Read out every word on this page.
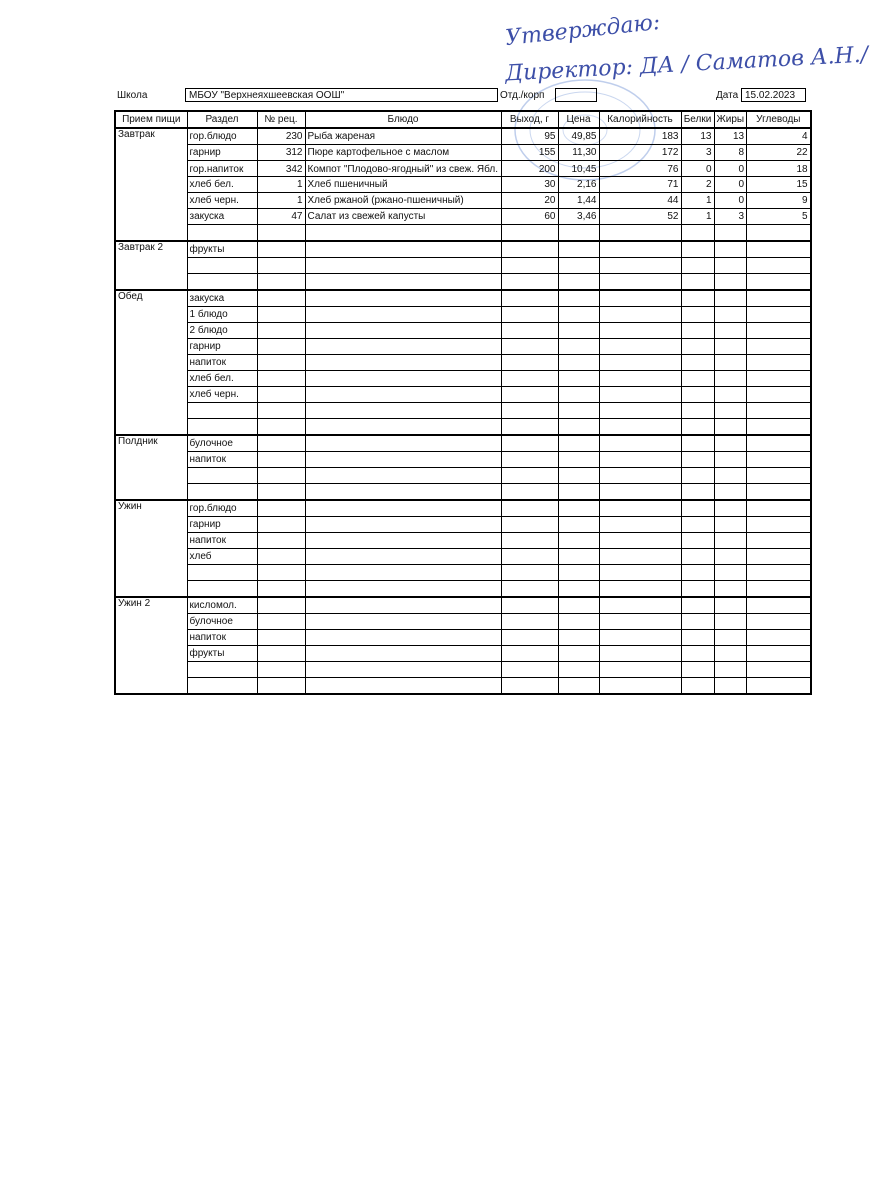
Утверждаю:
Директор: ДА / Саматов А.Н./
Школа	МБОУ "Верхнеяхшеевская ООШ"	Отд./корп	Дата 15.02.2023
Прием пищи	Раздел	№ рец.	Блюдо	Выход, г	Цена	Калорийность	Белки	Жиры	Углеводы
Завтрак	гор.блюдо	230	Рыба жареная	95	49,85	183	13	13	4
	гарнир	312	Пюре картофельное с маслом	155	11,30	172	3	8	22
	гор.напиток	342	Компот "Плодово-ягодный" из свеж. Ябл.	200	10,45	76	0	0	18
	хлеб бел.	1	Хлеб пшеничный	30	2,16	71	2	0	15
	хлеб черн.	1	Хлеб ржаной (ржано-пшеничный)	20	1,44	44	1	0	9
	закуска	47	Салат из свежей капусты	60	3,46	52	1	3	5

Завтрак 2	фрукты								

Обед	закуска								
	1 блюдо								
	2 блюдо								
	гарнир								
	напиток								
	хлеб бел.								
	хлеб черн.								

Полдник	булочное								
	напиток								

Ужин	гор.блюдо								
	гарнир								
	напиток								
	хлеб								

Ужин 2	кисломол.								
	булочное								
	напиток								
	фрукты								
